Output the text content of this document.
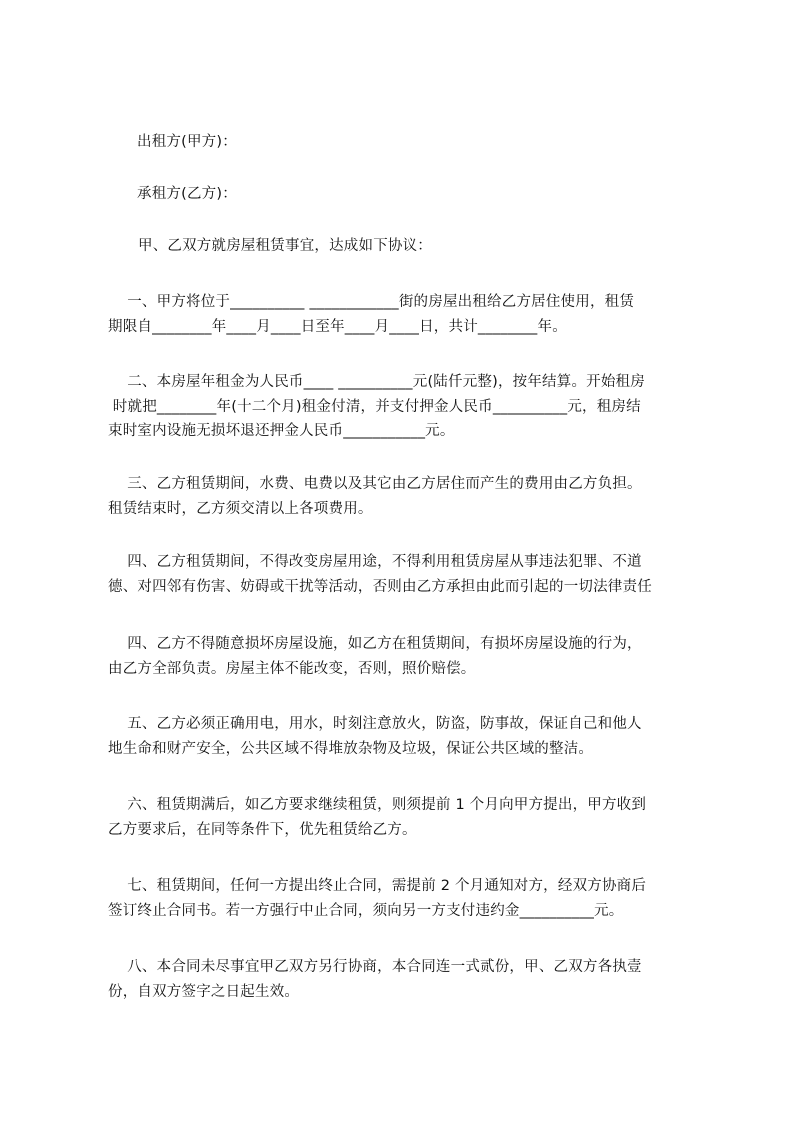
出租方(甲方)：
承租方(乙方)：
甲、乙双方就房屋租赁事宜，达成如下协议：
一、甲方将位于__________ ____________街的房屋出租给乙方居住使用，租赁
期限自________年____月____日至年____月____日，共计________年。
二、本房屋年租金为人民币____ __________元(陆仟元整)，按年结算。开始租房
时就把________年(十二个月)租金付清，并支付押金人民币__________元，租房结
束时室内设施无损坏退还押金人民币___________元。
三、乙方租赁期间，水费、电费以及其它由乙方居住而产生的费用由乙方负担。
租赁结束时，乙方须交清以上各项费用。
四、乙方租赁期间，不得改变房屋用途，不得利用租赁房屋从事违法犯罪、不道
德、对四邻有伤害、妨碍或干扰等活动，否则由乙方承担由此而引起的一切法律责任
四、乙方不得随意损坏房屋设施，如乙方在租赁期间，有损坏房屋设施的行为，
由乙方全部负责。房屋主体不能改变，否则，照价赔偿。
五、乙方必须正确用电，用水，时刻注意放火，防盗，防事故，保证自己和他人
地生命和财产安全，公共区域不得堆放杂物及垃圾，保证公共区域的整洁。
六、租赁期满后，如乙方要求继续租赁，则须提前 1 个月向甲方提出，甲方收到
乙方要求后，在同等条件下，优先租赁给乙方。
七、租赁期间，任何一方提出终止合同，需提前 2 个月通知对方，经双方协商后
签订终止合同书。若一方强行中止合同，须向另一方支付违约金__________元。
八、本合同未尽事宜甲乙双方另行协商，本合同连一式贰份，甲、乙双方各执壹
份，自双方签字之日起生效。
